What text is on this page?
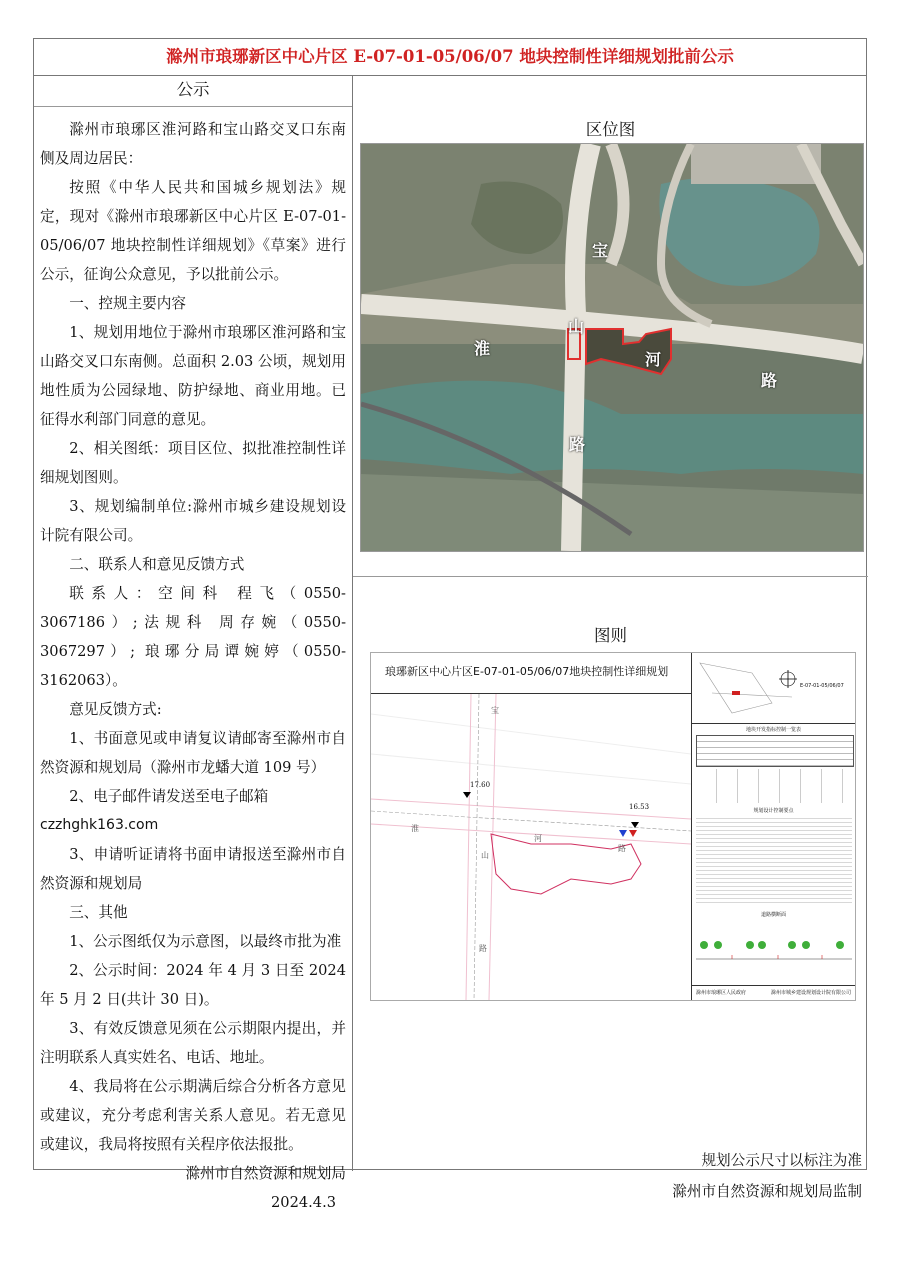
滁州市琅琊新区中心片区 E-07-01-05/06/07 地块控制性详细规划批前公示
公示

滁州市琅琊区淮河路和宝山路交叉口东南侧及周边居民：

按照《中华人民共和国城乡规划法》规定，现对《滁州市琅琊新区中心片区 E-07-01-05/06/07 地块控制性详细规划》《草案》进行公示，征询公众意见，予以批前公示。

一、控规主要内容

1、规划用地位于滁州市琅琊区淮河路和宝山路交叉口东南侧。总面积 2.03 公顷，规划用地性质为公园绿地、防护绿地、商业用地。已征得水利部门同意的意见。

2、相关图纸：项目区位、拟批准控制性详细规划图则。

3、规划编制单位:滁州市城乡建设规划设计院有限公司。

二、联系人和意见反馈方式

联系人：空间科 程飞（0550-3067186）;法规科 周存婉（0550-3067297）; 琅琊分局谭婉婷（0550-3162063）。

意见反馈方式:

1、书面意见或申请复议请邮寄至滁州市自然资源和规划局（滁州市龙蟠大道 109 号）

2、电子邮件请发送至电子邮箱

czzhghk163.com

3、申请听证请将书面申请报送至滁州市自然资源和规划局

三、其他

1、公示图纸仅为示意图，以最终市批为准

2、公示时间：2024 年 4 月 3 日至 2024 年 5 月 2 日(共计 30 日)。

3、有效反馈意见须在公示期限内提出，并注明联系人真实姓名、电话、地址。

4、我局将在公示期满后综合分析各方意见或建议，充分考虑利害关系人意见。若无意见或建议，我局将按照有关程序依法报批。

滁州市自然资源和规划局

2024.4.3

区位图
宝
山
路
淮
河
路
图则
琅琊新区中心片区E-07-01-05/06/07地块控制性详细规划
17.60
16.53
宝
山
路
淮
河
路
E-07-01-05/06/07
地块开发指标控制一览表
规划设计控制要点
道路横断面
滁州市琅琊区人民政府	滁州市城乡建设规划设计院有限公司
规划公示尺寸以标注为准
滁州市自然资源和规划局监制
